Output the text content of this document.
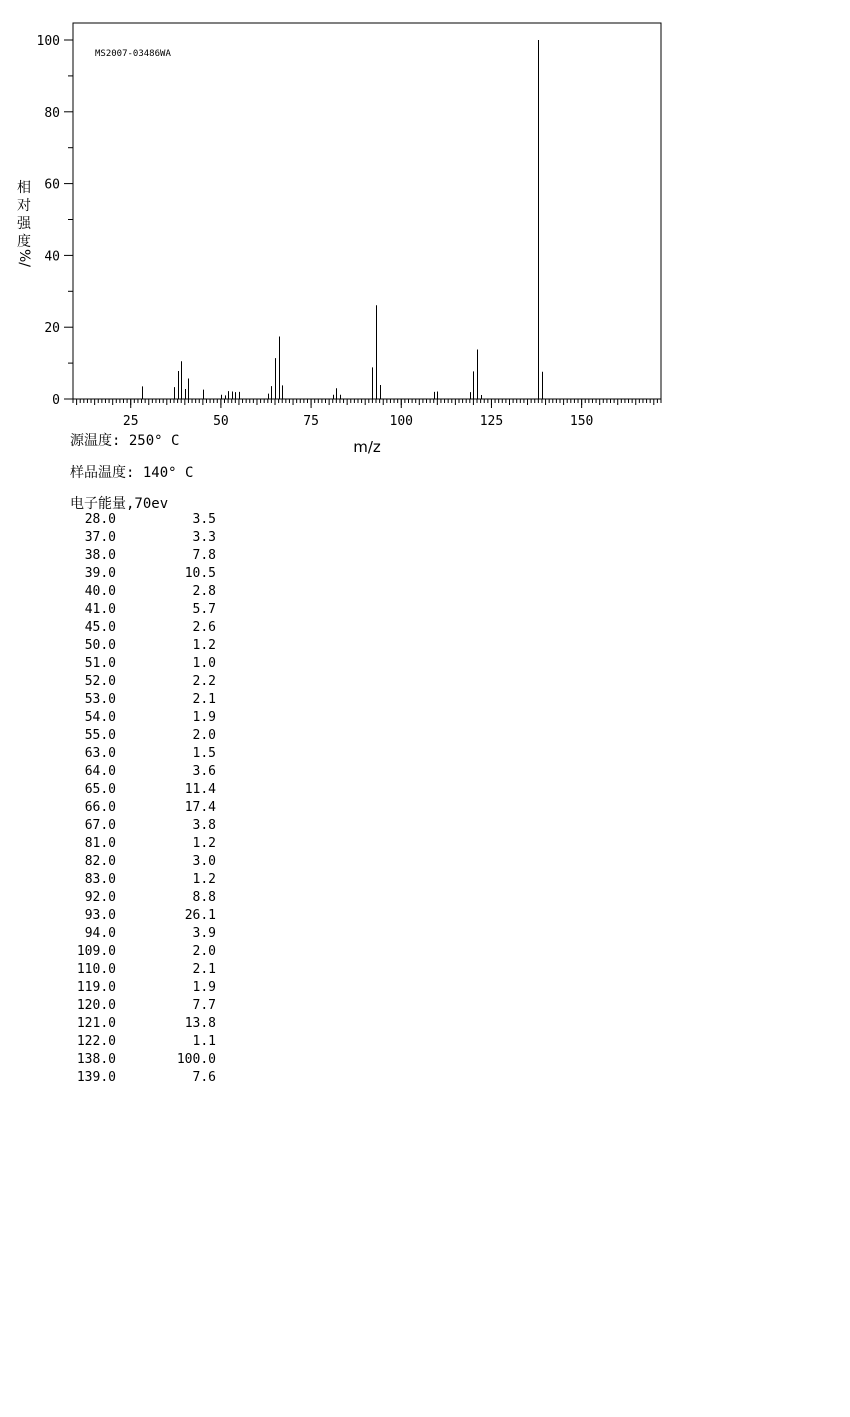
25	50	75	100	125	150
0
20
40
60
80
100
MS2007-03486WA
m/z
相
对
强
度
%/
源温度: 250° C
样品温度: 140° C
电子能量,70ev
28.0	3.5
37.0	3.3
38.0	7.8
39.0	10.5
40.0	2.8
41.0	5.7
45.0	2.6
50.0	1.2
51.0	1.0
52.0	2.2
53.0	2.1
54.0	1.9
55.0	2.0
63.0	1.5
64.0	3.6
65.0	11.4
66.0	17.4
67.0	3.8
81.0	1.2
82.0	3.0
83.0	1.2
92.0	8.8
93.0	26.1
94.0	3.9
109.0	2.0
110.0	2.1
119.0	1.9
120.0	7.7
121.0	13.8
122.0	1.1
138.0	100.0
139.0	7.6
